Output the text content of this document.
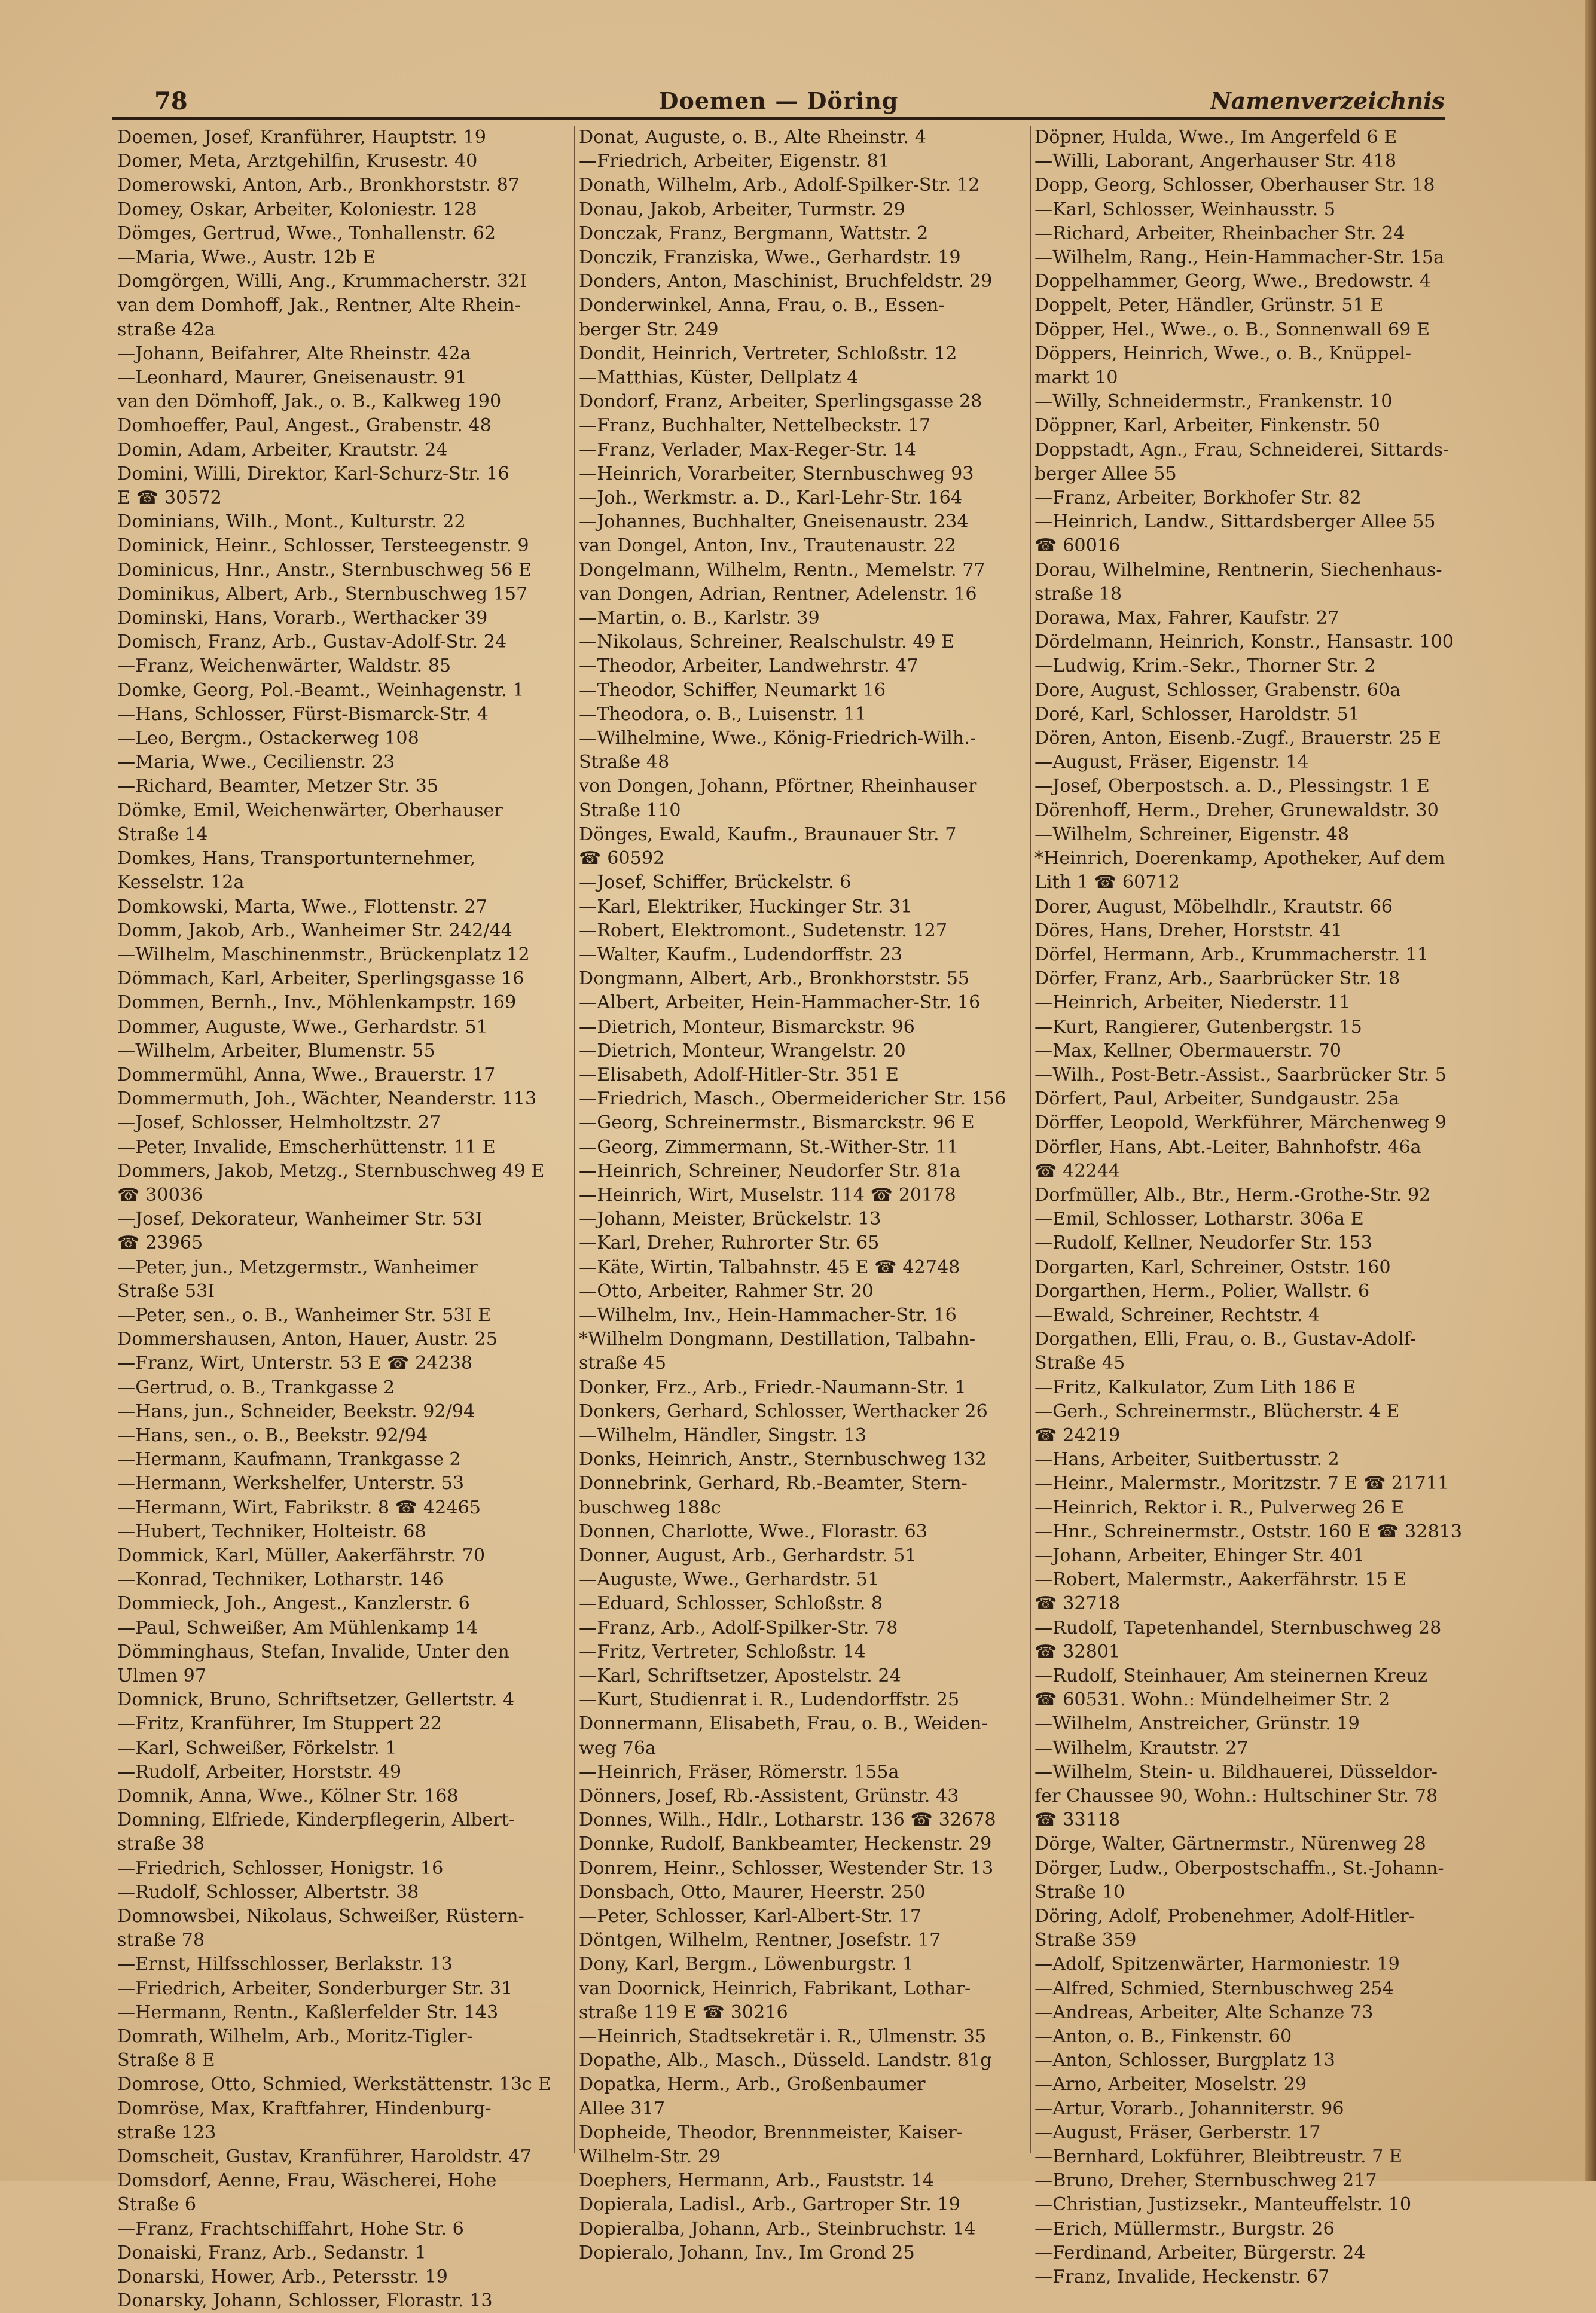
78	Doemen — Döring	Namenverzeichnis
Doemen, Josef, Kranführer, Hauptstr. 19
Domer, Meta, Arztgehilfin, Krusestr. 40
Domerowski, Anton, Arb., Bronkhorststr. 87
Domey, Oskar, Arbeiter, Koloniestr. 128
Dömges, Gertrud, Wwe., Tonhallenstr. 62
—Maria, Wwe., Austr. 12b E
Domgörgen, Willi, Ang., Krummacherstr. 32I
van dem Domhoff, Jak., Rentner, Alte Rhein-
straße 42a
—Johann, Beifahrer, Alte Rheinstr. 42a
—Leonhard, Maurer, Gneisenaustr. 91
van den Dömhoff, Jak., o. B., Kalkweg 190
Domhoeffer, Paul, Angest., Grabenstr. 48
Domin, Adam, Arbeiter, Krautstr. 24
Domini, Willi, Direktor, Karl-Schurz-Str. 16
E ☎ 30572
Dominians, Wilh., Mont., Kulturstr. 22
Dominick, Heinr., Schlosser, Tersteegenstr. 9
Dominicus, Hnr., Anstr., Sternbuschweg 56 E
Dominikus, Albert, Arb., Sternbuschweg 157
Dominski, Hans, Vorarb., Werthacker 39
Domisch, Franz, Arb., Gustav-Adolf-Str. 24
—Franz, Weichenwärter, Waldstr. 85
Domke, Georg, Pol.-Beamt., Weinhagenstr. 1
—Hans, Schlosser, Fürst-Bismarck-Str. 4
—Leo, Bergm., Ostackerweg 108
—Maria, Wwe., Cecilienstr. 23
—Richard, Beamter, Metzer Str. 35
Dömke, Emil, Weichenwärter, Oberhauser
Straße 14
Domkes, Hans, Transportunternehmer,
Kesselstr. 12a
Domkowski, Marta, Wwe., Flottenstr. 27
Domm, Jakob, Arb., Wanheimer Str. 242/44
—Wilhelm, Maschinenmstr., Brückenplatz 12
Dömmach, Karl, Arbeiter, Sperlingsgasse 16
Dommen, Bernh., Inv., Möhlenkampstr. 169
Dommer, Auguste, Wwe., Gerhardstr. 51
—Wilhelm, Arbeiter, Blumenstr. 55
Dommermühl, Anna, Wwe., Brauerstr. 17
Dommermuth, Joh., Wächter, Neanderstr. 113
—Josef, Schlosser, Helmholtzstr. 27
—Peter, Invalide, Emscherhüttenstr. 11 E
Dommers, Jakob, Metzg., Sternbuschweg 49 E
☎ 30036
—Josef, Dekorateur, Wanheimer Str. 53I
☎ 23965
—Peter, jun., Metzgermstr., Wanheimer
Straße 53I
—Peter, sen., o. B., Wanheimer Str. 53I E
Dommershausen, Anton, Hauer, Austr. 25
—Franz, Wirt, Unterstr. 53 E ☎ 24238
—Gertrud, o. B., Trankgasse 2
—Hans, jun., Schneider, Beekstr. 92/94
—Hans, sen., o. B., Beekstr. 92/94
—Hermann, Kaufmann, Trankgasse 2
—Hermann, Werkshelfer, Unterstr. 53
—Hermann, Wirt, Fabrikstr. 8 ☎ 42465
—Hubert, Techniker, Holteistr. 68
Dommick, Karl, Müller, Aakerfährstr. 70
—Konrad, Techniker, Lotharstr. 146
Dommieck, Joh., Angest., Kanzlerstr. 6
—Paul, Schweißer, Am Mühlenkamp 14
Dömminghaus, Stefan, Invalide, Unter den
Ulmen 97
Domnick, Bruno, Schriftsetzer, Gellertstr. 4
—Fritz, Kranführer, Im Stuppert 22
—Karl, Schweißer, Förkelstr. 1
—Rudolf, Arbeiter, Horststr. 49
Domnik, Anna, Wwe., Kölner Str. 168
Domning, Elfriede, Kinderpflegerin, Albert-
straße 38
—Friedrich, Schlosser, Honigstr. 16
—Rudolf, Schlosser, Albertstr. 38
Domnowsbei, Nikolaus, Schweißer, Rüstern-
straße 78
—Ernst, Hilfsschlosser, Berlakstr. 13
—Friedrich, Arbeiter, Sonderburger Str. 31
—Hermann, Rentn., Kaßlerfelder Str. 143
Domrath, Wilhelm, Arb., Moritz-Tigler-
Straße 8 E
Domrose, Otto, Schmied, Werkstättenstr. 13c E
Domröse, Max, Kraftfahrer, Hindenburg-
straße 123
Domscheit, Gustav, Kranführer, Haroldstr. 47
Domsdorf, Aenne, Frau, Wäscherei, Hohe
Straße 6
—Franz, Frachtschiffahrt, Hohe Str. 6
Donaiski, Franz, Arb., Sedanstr. 1
Donarski, Hower, Arb., Petersstr. 19
Donarsky, Johann, Schlosser, Florastr. 13
Donat, Auguste, o. B., Alte Rheinstr. 4
—Friedrich, Arbeiter, Eigenstr. 81
Donath, Wilhelm, Arb., Adolf-Spilker-Str. 12
Donau, Jakob, Arbeiter, Turmstr. 29
Donczak, Franz, Bergmann, Wattstr. 2
Donczik, Franziska, Wwe., Gerhardstr. 19
Donders, Anton, Maschinist, Bruchfeldstr. 29
Donderwinkel, Anna, Frau, o. B., Essen-
berger Str. 249
Dondit, Heinrich, Vertreter, Schloßstr. 12
—Matthias, Küster, Dellplatz 4
Dondorf, Franz, Arbeiter, Sperlingsgasse 28
—Franz, Buchhalter, Nettelbeckstr. 17
—Franz, Verlader, Max-Reger-Str. 14
—Heinrich, Vorarbeiter, Sternbuschweg 93
—Joh., Werkmstr. a. D., Karl-Lehr-Str. 164
—Johannes, Buchhalter, Gneisenaustr. 234
van Dongel, Anton, Inv., Trautenaustr. 22
Dongelmann, Wilhelm, Rentn., Memelstr. 77
van Dongen, Adrian, Rentner, Adelenstr. 16
—Martin, o. B., Karlstr. 39
—Nikolaus, Schreiner, Realschulstr. 49 E
—Theodor, Arbeiter, Landwehrstr. 47
—Theodor, Schiffer, Neumarkt 16
—Theodora, o. B., Luisenstr. 11
—Wilhelmine, Wwe., König-Friedrich-Wilh.-
Straße 48
von Dongen, Johann, Pförtner, Rheinhauser
Straße 110
Dönges, Ewald, Kaufm., Braunauer Str. 7
☎ 60592
—Josef, Schiffer, Brückelstr. 6
—Karl, Elektriker, Huckinger Str. 31
—Robert, Elektromont., Sudetenstr. 127
—Walter, Kaufm., Ludendorffstr. 23
Dongmann, Albert, Arb., Bronkhorststr. 55
—Albert, Arbeiter, Hein-Hammacher-Str. 16
—Dietrich, Monteur, Bismarckstr. 96
—Dietrich, Monteur, Wrangelstr. 20
—Elisabeth, Adolf-Hitler-Str. 351 E
—Friedrich, Masch., Obermeidericher Str. 156
—Georg, Schreinermstr., Bismarckstr. 96 E
—Georg, Zimmermann, St.-Wither-Str. 11
—Heinrich, Schreiner, Neudorfer Str. 81a
—Heinrich, Wirt, Muselstr. 114 ☎ 20178
—Johann, Meister, Brückelstr. 13
—Karl, Dreher, Ruhrorter Str. 65
—Käte, Wirtin, Talbahnstr. 45 E ☎ 42748
—Otto, Arbeiter, Rahmer Str. 20
—Wilhelm, Inv., Hein-Hammacher-Str. 16
*Wilhelm Dongmann, Destillation, Talbahn-
straße 45
Donker, Frz., Arb., Friedr.-Naumann-Str. 1
Donkers, Gerhard, Schlosser, Werthacker 26
—Wilhelm, Händler, Singstr. 13
Donks, Heinrich, Anstr., Sternbuschweg 132
Donnebrink, Gerhard, Rb.-Beamter, Stern-
buschweg 188c
Donnen, Charlotte, Wwe., Florastr. 63
Donner, August, Arb., Gerhardstr. 51
—Auguste, Wwe., Gerhardstr. 51
—Eduard, Schlosser, Schloßstr. 8
—Franz, Arb., Adolf-Spilker-Str. 78
—Fritz, Vertreter, Schloßstr. 14
—Karl, Schriftsetzer, Apostelstr. 24
—Kurt, Studienrat i. R., Ludendorffstr. 25
Donnermann, Elisabeth, Frau, o. B., Weiden-
weg 76a
—Heinrich, Fräser, Römerstr. 155a
Dönners, Josef, Rb.-Assistent, Grünstr. 43
Donnes, Wilh., Hdlr., Lotharstr. 136 ☎ 32678
Donnke, Rudolf, Bankbeamter, Heckenstr. 29
Donrem, Heinr., Schlosser, Westender Str. 13
Donsbach, Otto, Maurer, Heerstr. 250
—Peter, Schlosser, Karl-Albert-Str. 17
Döntgen, Wilhelm, Rentner, Josefstr. 17
Dony, Karl, Bergm., Löwenburgstr. 1
van Doornick, Heinrich, Fabrikant, Lothar-
straße 119 E ☎ 30216
—Heinrich, Stadtsekretär i. R., Ulmenstr. 35
Dopathe, Alb., Masch., Düsseld. Landstr. 81g
Dopatka, Herm., Arb., Großenbaumer
Allee 317
Dopheide, Theodor, Brennmeister, Kaiser-
Wilhelm-Str. 29
Doephers, Hermann, Arb., Fauststr. 14
Dopierala, Ladisl., Arb., Gartroper Str. 19
Dopieralba, Johann, Arb., Steinbruchstr. 14
Dopieralo, Johann, Inv., Im Grond 25
Döpner, Hulda, Wwe., Im Angerfeld 6 E
—Willi, Laborant, Angerhauser Str. 418
Dopp, Georg, Schlosser, Oberhauser Str. 18
—Karl, Schlosser, Weinhausstr. 5
—Richard, Arbeiter, Rheinbacher Str. 24
—Wilhelm, Rang., Hein-Hammacher-Str. 15a
Doppelhammer, Georg, Wwe., Bredowstr. 4
Doppelt, Peter, Händler, Grünstr. 51 E
Döpper, Hel., Wwe., o. B., Sonnenwall 69 E
Döppers, Heinrich, Wwe., o. B., Knüppel-
markt 10
—Willy, Schneidermstr., Frankenstr. 10
Döppner, Karl, Arbeiter, Finkenstr. 50
Doppstadt, Agn., Frau, Schneiderei, Sittards-
berger Allee 55
—Franz, Arbeiter, Borkhofer Str. 82
—Heinrich, Landw., Sittardsberger Allee 55
☎ 60016
Dorau, Wilhelmine, Rentnerin, Siechenhaus-
straße 18
Dorawa, Max, Fahrer, Kaufstr. 27
Dördelmann, Heinrich, Konstr., Hansastr. 100
—Ludwig, Krim.-Sekr., Thorner Str. 2
Dore, August, Schlosser, Grabenstr. 60a
Doré, Karl, Schlosser, Haroldstr. 51
Dören, Anton, Eisenb.-Zugf., Brauerstr. 25 E
—August, Fräser, Eigenstr. 14
—Josef, Oberpostsch. a. D., Plessingstr. 1 E
Dörenhoff, Herm., Dreher, Grunewaldstr. 30
—Wilhelm, Schreiner, Eigenstr. 48
*Heinrich, Doerenkamp, Apotheker, Auf dem
Lith 1 ☎ 60712
Dorer, August, Möbelhdlr., Krautstr. 66
Döres, Hans, Dreher, Horststr. 41
Dörfel, Hermann, Arb., Krummacherstr. 11
Dörfer, Franz, Arb., Saarbrücker Str. 18
—Heinrich, Arbeiter, Niederstr. 11
—Kurt, Rangierer, Gutenbergstr. 15
—Max, Kellner, Obermauerstr. 70
—Wilh., Post-Betr.-Assist., Saarbrücker Str. 5
Dörfert, Paul, Arbeiter, Sundgaustr. 25a
Dörffer, Leopold, Werkführer, Märchenweg 9
Dörfler, Hans, Abt.-Leiter, Bahnhofstr. 46a
☎ 42244
Dorfmüller, Alb., Btr., Herm.-Grothe-Str. 92
—Emil, Schlosser, Lotharstr. 306a E
—Rudolf, Kellner, Neudorfer Str. 153
Dorgarten, Karl, Schreiner, Oststr. 160
Dorgarthen, Herm., Polier, Wallstr. 6
—Ewald, Schreiner, Rechtstr. 4
Dorgathen, Elli, Frau, o. B., Gustav-Adolf-
Straße 45
—Fritz, Kalkulator, Zum Lith 186 E
—Gerh., Schreinermstr., Blücherstr. 4 E
☎ 24219
—Hans, Arbeiter, Suitbertusstr. 2
—Heinr., Malermstr., Moritzstr. 7 E ☎ 21711
—Heinrich, Rektor i. R., Pulverweg 26 E
—Hnr., Schreinermstr., Oststr. 160 E ☎ 32813
—Johann, Arbeiter, Ehinger Str. 401
—Robert, Malermstr., Aakerfährstr. 15 E
☎ 32718
—Rudolf, Tapetenhandel, Sternbuschweg 28
☎ 32801
—Rudolf, Steinhauer, Am steinernen Kreuz
☎ 60531. Wohn.: Mündelheimer Str. 2
—Wilhelm, Anstreicher, Grünstr. 19
—Wilhelm, Krautstr. 27
—Wilhelm, Stein- u. Bildhauerei, Düsseldor-
fer Chaussee 90, Wohn.: Hultschiner Str. 78
☎ 33118
Dörge, Walter, Gärtnermstr., Nürenweg 28
Dörger, Ludw., Oberpostschaffn., St.-Johann-
Straße 10
Döring, Adolf, Probenehmer, Adolf-Hitler-
Straße 359
—Adolf, Spitzenwärter, Harmoniestr. 19
—Alfred, Schmied, Sternbuschweg 254
—Andreas, Arbeiter, Alte Schanze 73
—Anton, o. B., Finkenstr. 60
—Anton, Schlosser, Burgplatz 13
—Arno, Arbeiter, Moselstr. 29
—Artur, Vorarb., Johanniterstr. 96
—August, Fräser, Gerberstr. 17
—Bernhard, Lokführer, Bleibtreustr. 7 E
—Bruno, Dreher, Sternbuschweg 217
—Christian, Justizsekr., Manteuffelstr. 10
—Erich, Müllermstr., Burgstr. 26
—Ferdinand, Arbeiter, Bürgerstr. 24
—Franz, Invalide, Heckenstr. 67
